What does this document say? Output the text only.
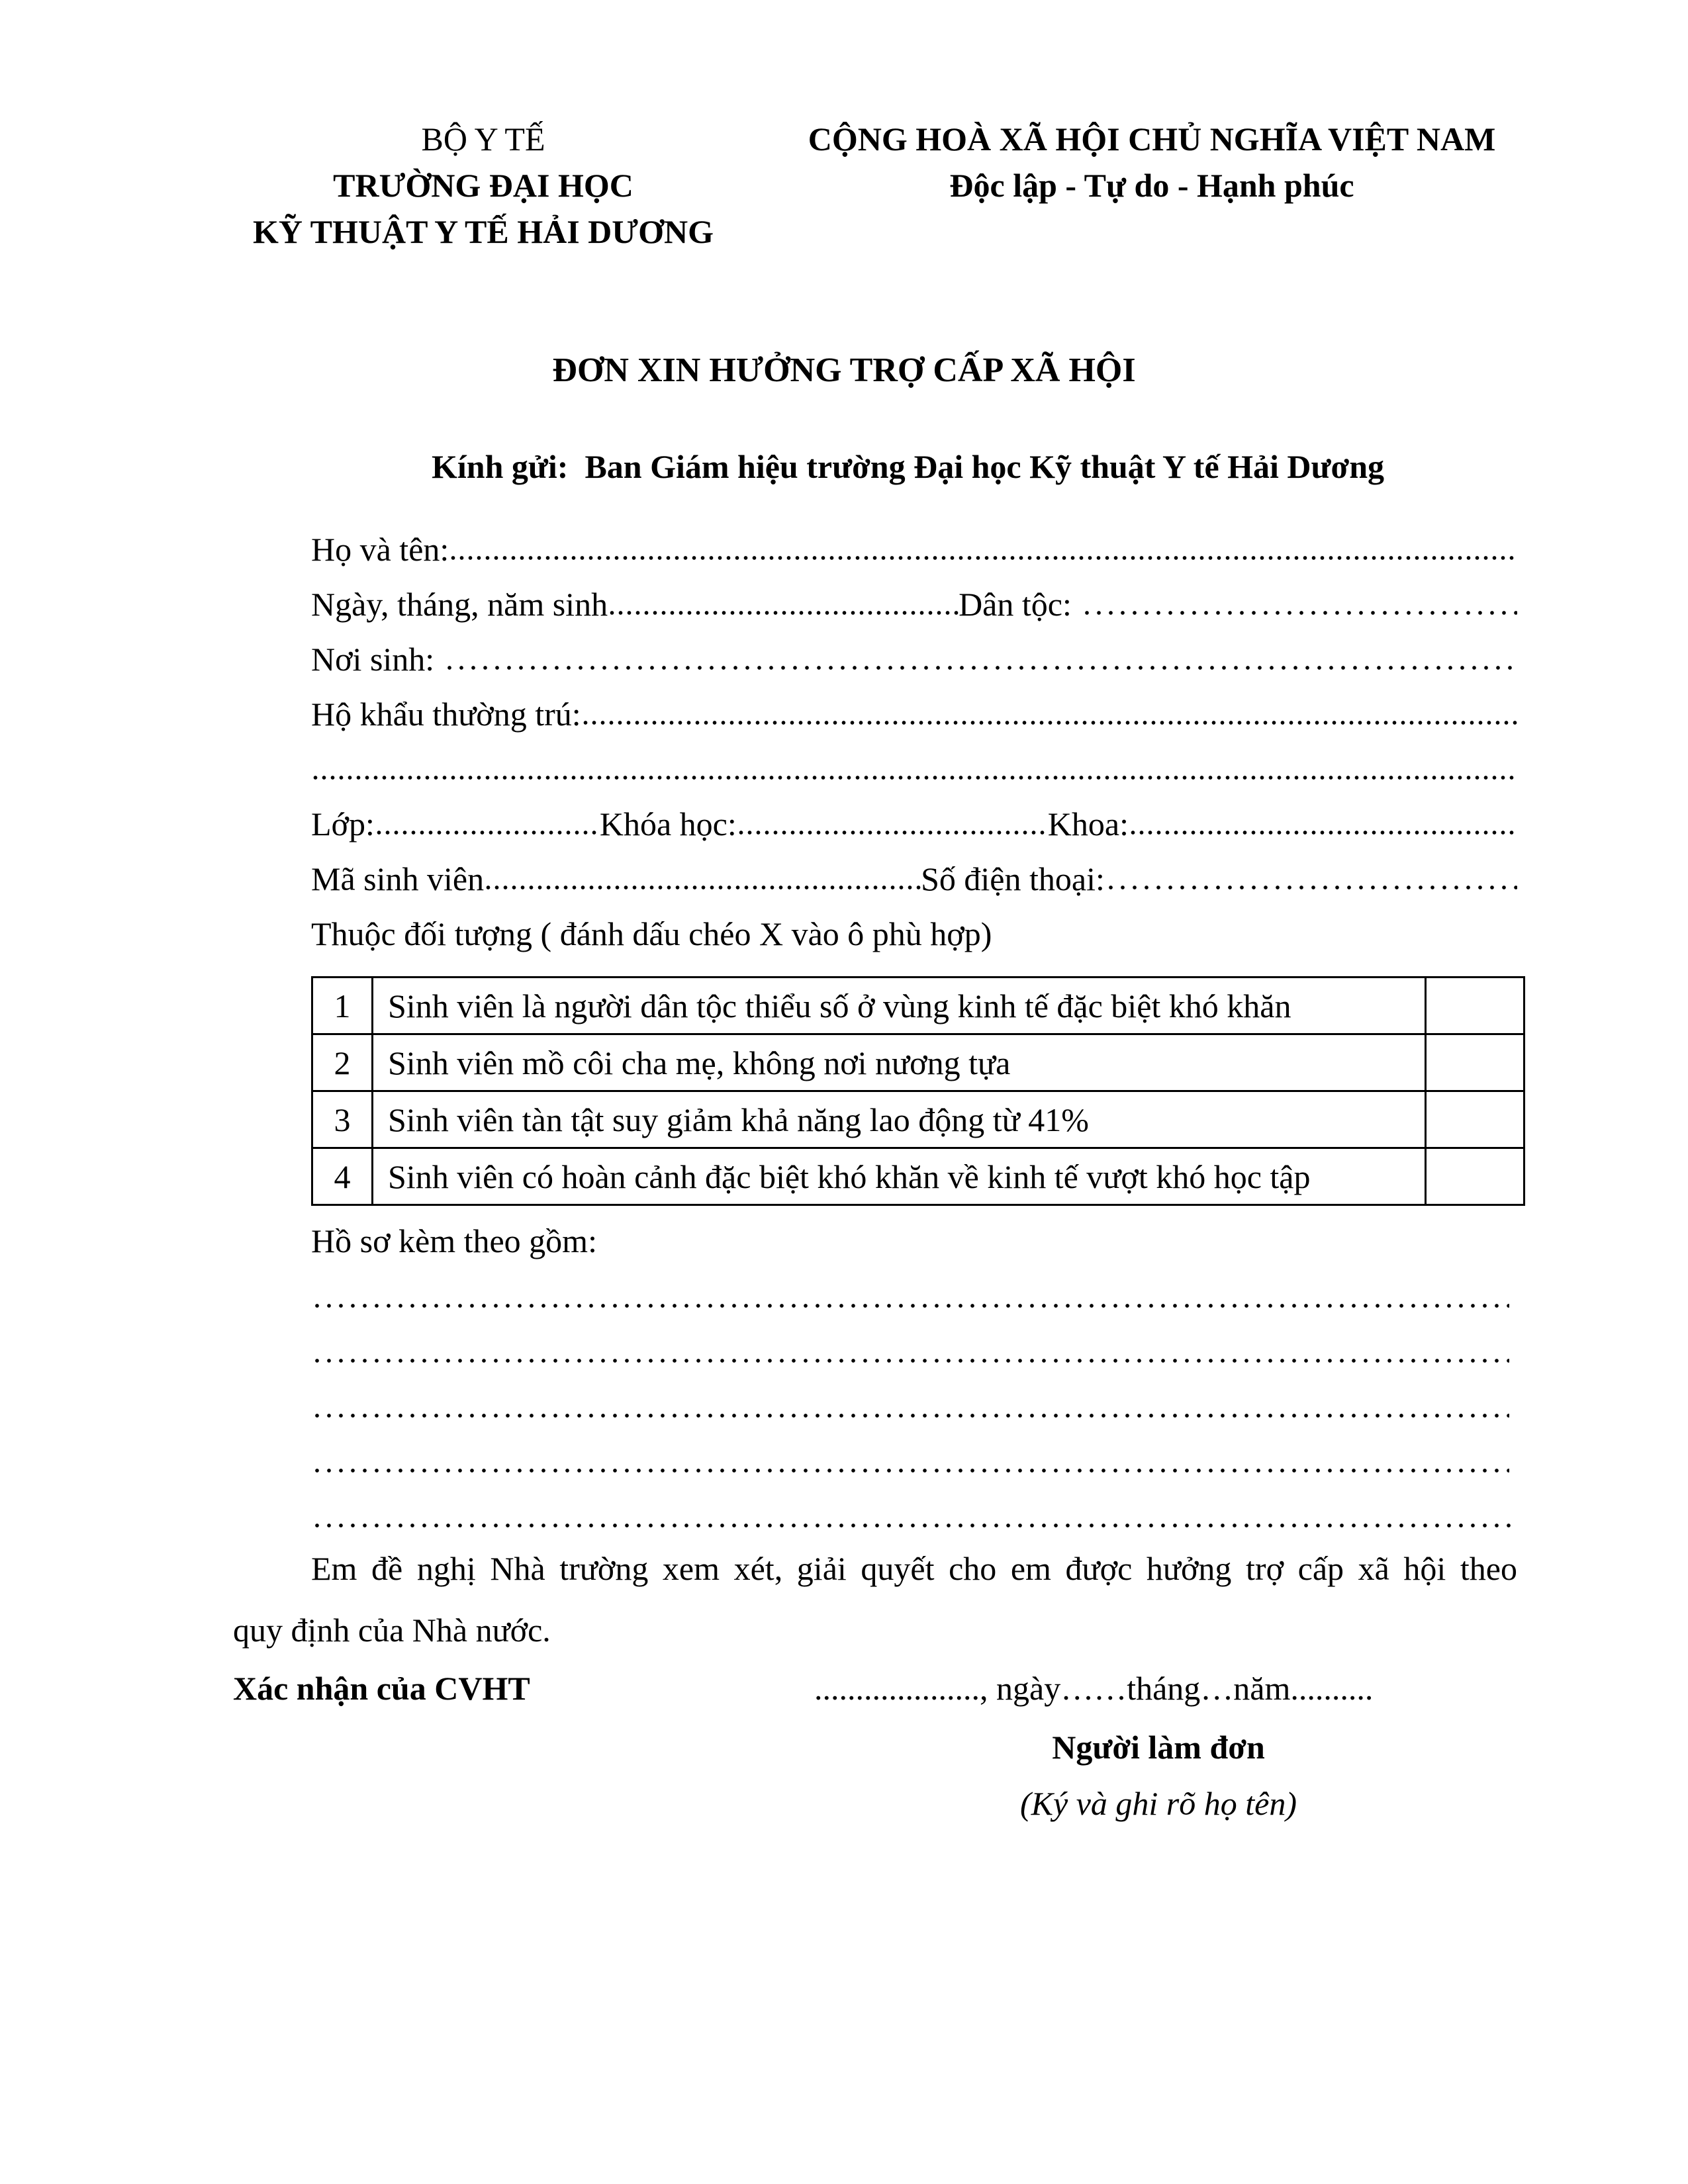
BỘ Y TẾ
TRƯỜNG ĐẠI HỌC
KỸ THUẬT Y TẾ HẢI DƯƠNG
CỘNG HOÀ XÃ HỘI CHỦ NGHĨA VIỆT NAM
Độc lập - Tự do - Hạnh phúc
ĐƠN XIN HƯỞNG TRỢ CẤP XÃ HỘI
Kính gửi: Ban Giám hiệu trường Đại học Kỹ thuật Y tế Hải Dương
Họ và tên:
Ngày, tháng, năm sinh	Dân tộc:
Nơi sinh:
Hộ khẩu thường trú:
Lớp:	Khóa học:	Khoa:
Mã sinh viên	Số điện thoại:
Thuộc đối tượng ( đánh dấu chéo X vào ô phù hợp)
1	Sinh viên là người dân tộc thiểu số ở vùng kinh tế đặc biệt khó khăn	
2	Sinh viên mồ côi cha mẹ, không nơi nương tựa	
3	Sinh viên tàn tật suy giảm khả năng lao động từ 41%	
4	Sinh viên có hoàn cảnh đặc biệt khó khăn về kinh tế vượt khó học tập	
Hồ sơ kèm theo gồm:
Em đề nghị Nhà trường xem xét, giải quyết cho em được hưởng trợ cấp xã hội theo
quy định của Nhà nước.
Xác nhận của CVHT	...................., ngày……tháng…năm..........
Người làm đơn
(Ký và ghi rõ họ tên)
